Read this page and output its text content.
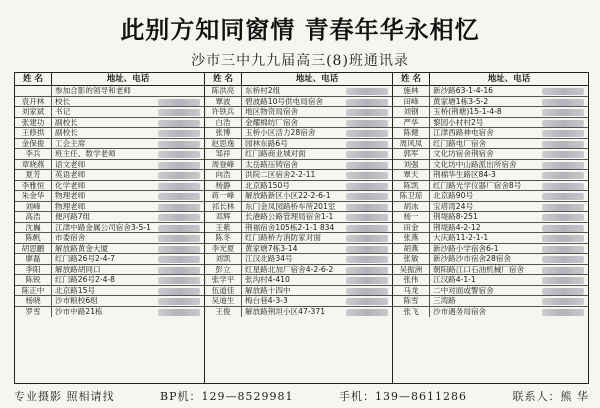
此别方知同窗情 青春年华永相忆
沙市三中九九届高三(8)班通讯录
姓 名	地址、电话
参加合影的领导和老师
袁开林	校长
刘家斌	书记
张建功	副校长
王修拱	副校长
金保俊	工会主席
李兵	班主任、数学老师
章晓燕	语文老师
夏芳	英语老师
李雅恒	化学老师
朱金华	物理老师
刘峰	物理老师
高浩	便河路7组
沈巍	江津中路金属公司宿舍3-5-1
陈帆	市委宿舍
胡思鹏	解放路黄金大厦
廖磊	红门路26号2-4-7
李阳	解放路胡同口
陈锐	红门路26号2-4-8
陈正中	北京路15号
杨晓	沙市粮校6组
罗雪	沙市中路21栋
姓 名	地址、电话
陈洪亮	东桥村2组
覃波	碧波路10号供电局宿舍
许铁兵	地区物资局宿舍
白浩	金耀棉纺厂宿舍
张博	玉桥小区活力28宿舍
赵思逸	园林东路6号
邹祥	红门路商业城对面
周登峰	太岳路压铸宿舍
向浩	洪院二区宿舍2-2-11
杨静	北京路150号
蒋一峰	解放路新区小区22-2-6-1
祁长林	东门金凤园路桥车所201室
邓辉	长港路公路管理局宿舍1-1
王紫	荆福宿舍105栋2-1-1 834
陈冬	红门路桥方消防家对面
李光夏	黄家塘7栋3-14
刘凯	江汉北路34号
彭立	红星路北加厂宿舍4-2-6-2
张学平	张沟村4-410
伍道佳	解放路十四中
吴迪生	梅台巷4-3-3
王俊	解放路荆坦小区47-371
姓 名	地址、电话
施林	新沙路63-1-4-16
田峰	黄家塘1栋3-5-2
刘钢	玉桥(荆塘)15-1-4-8
严华	黎园小村村2号
陈健	江津西路神电宿舍
周风凤	红门路电厂宿舍
郭军	文化坊宿舍荆宿舍
刘强	文化坊中山路派出所宿舍
覃天	荆棉华生路区84-3
陈凯	红门路光学仪器厂宿舍8号
陈卫琼	北京路90号
胡冰	宝塔湾24号
杨一	荆堤路8-251
田金	荆堤路4-2-12
张燕	大庆路11-2-1-1
胡燕	新沙路小学宿舍6-1
张敏	新沙路沙市宿舍28宿舍
吴振洲	朝阳路江口石油机械厂宿舍
张伟	江汉路4-1-1
马龙	二中对面或警宿舍
陈雪	三湾路
张飞	沙市遇务局宿舍
专业摄影 照相请找	BP机：129—8529981	手机：139—8611286	联系人：熊 华
